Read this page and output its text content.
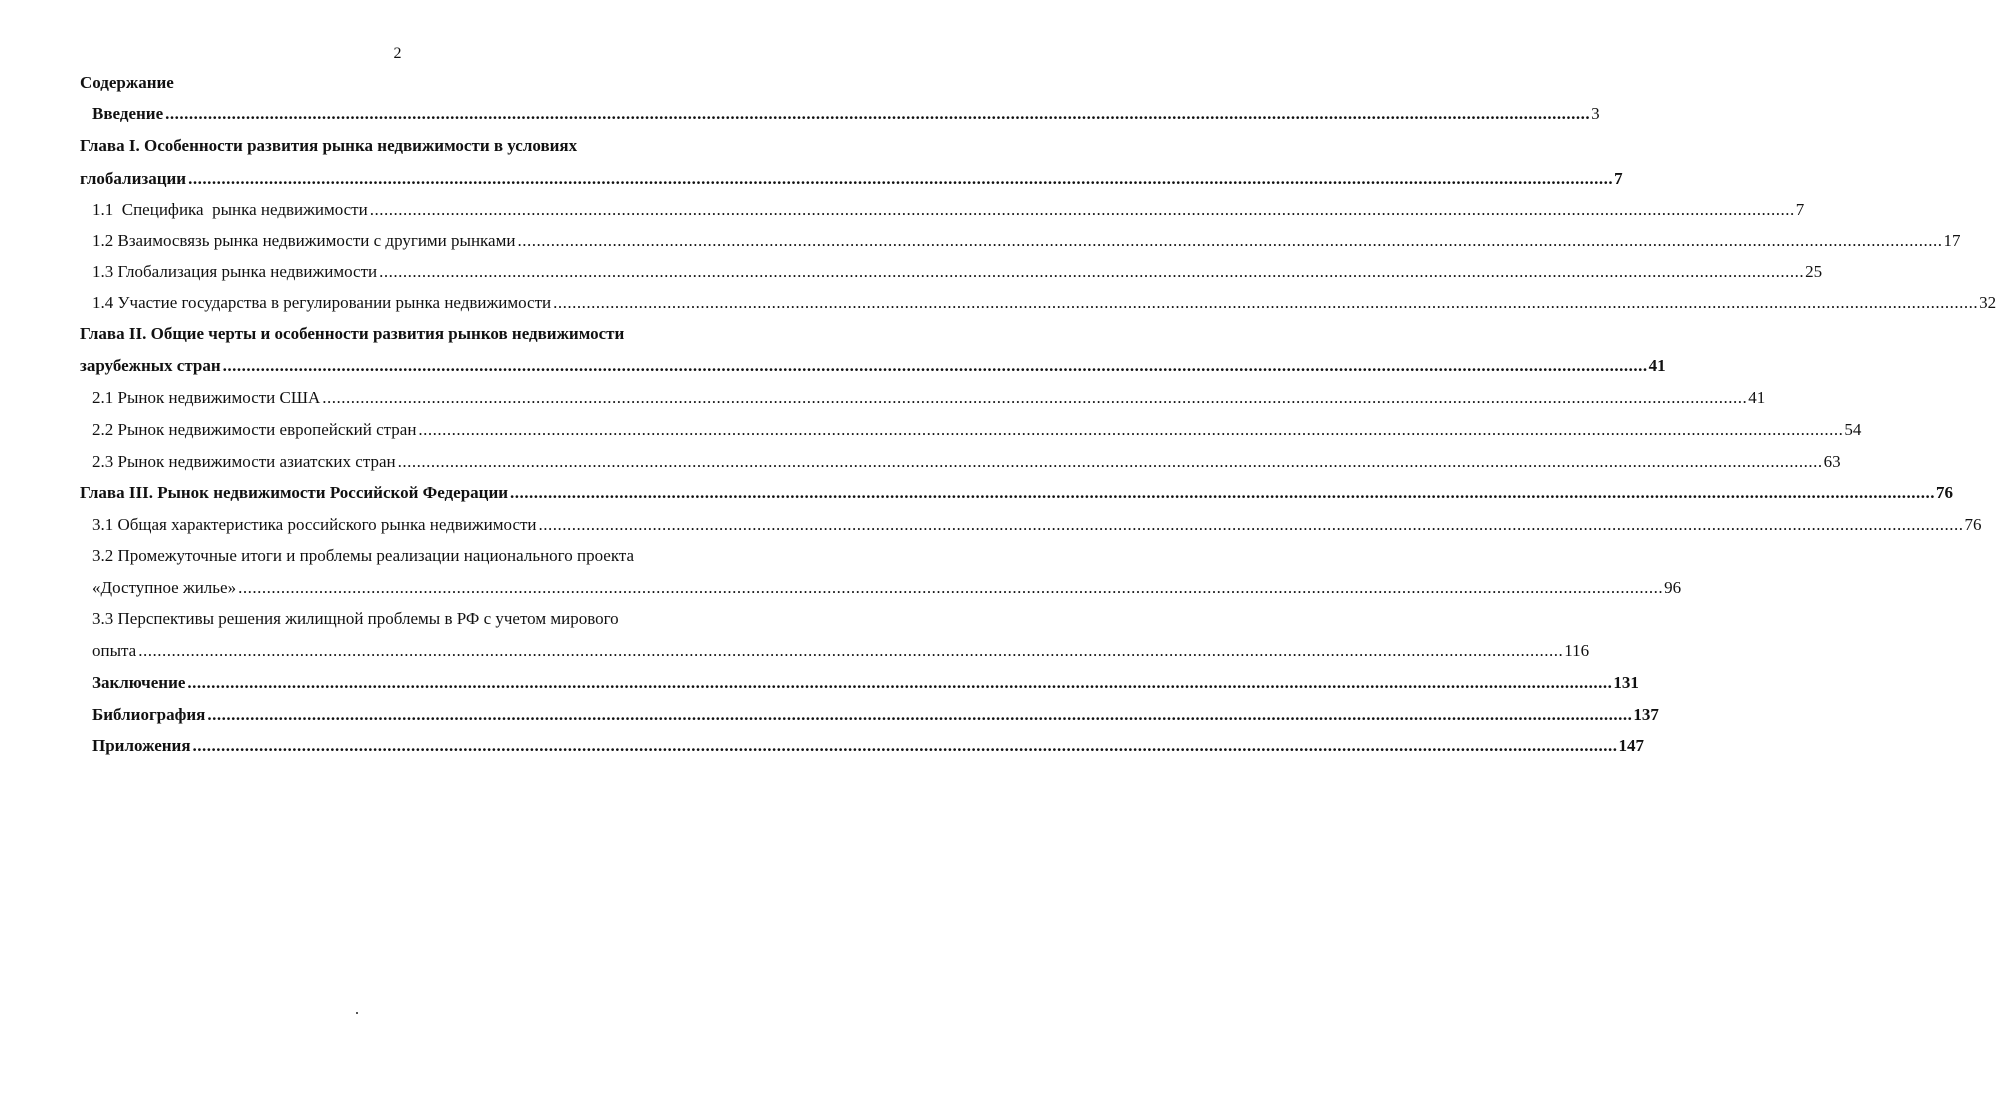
2
Содержание
Введение ............................................................................................................................................................................................................................................................................................................ 3
Глава I. Особенности развития рынка недвижимости в условиях
глобализации ............................................................................................................................................................................................................................................................................................................ 7
1.1  Специфика  рынка недвижимости ............................................................................................................................................................................................................................................................................................................ 7
1.2 Взаимосвязь рынка недвижимости с другими рынками ............................................................................................................................................................................................................................................................................................................ 17
1.3 Глобализация рынка недвижимости ............................................................................................................................................................................................................................................................................................................ 25
1.4 Участие государства в регулировании рынка недвижимости ............................................................................................................................................................................................................................................................................................................ 32
Глава II. Общие черты и особенности развития рынков недвижимости
зарубежных стран ............................................................................................................................................................................................................................................................................................................ 41
2.1 Рынок недвижимости США ............................................................................................................................................................................................................................................................................................................ 41
2.2 Рынок недвижимости европейский стран ............................................................................................................................................................................................................................................................................................................ 54
2.3 Рынок недвижимости азиатских стран ............................................................................................................................................................................................................................................................................................................ 63
Глава III. Рынок недвижимости Российской Федерации ............................................................................................................................................................................................................................................................................................................ 76
3.1 Общая характеристика российского рынка недвижимости ............................................................................................................................................................................................................................................................................................................ 76
3.2 Промежуточные итоги и проблемы реализации национального проекта
«Доступное жилье» ............................................................................................................................................................................................................................................................................................................ 96
3.3 Перспективы решения жилищной проблемы в РФ с учетом мирового
опыта ............................................................................................................................................................................................................................................................................................................ 116
Заключение ............................................................................................................................................................................................................................................................................................................ 131
Библиография ............................................................................................................................................................................................................................................................................................................ 137
Приложения ............................................................................................................................................................................................................................................................................................................ 147
